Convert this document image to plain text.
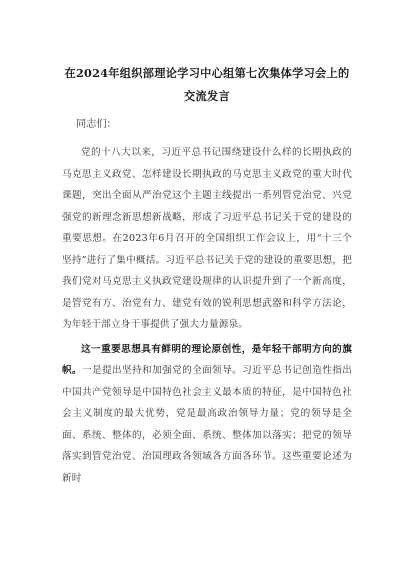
在2024年组织部理论学习中心组第七次集体学习会上的交流发言
同志们：

党的十八大以来，习近平总书记围绕建设什么样的长期执政的马克思主义政党、怎样建设长期执政的马克思主义政党的重大时代课题，突出全面从严治党这个主题主线提出一系列管党治党、兴党强党的新理念新思想新战略，形成了习近平总书记关于党的建设的重要思想。在2023年6月召开的全国组织工作会议上，用“十三个坚持”进行了集中概括。习近平总书记关于党的建设的重要思想，把我们党对马克思主义执政党建设规律的认识提升到了一个新高度，是管党有方、治党有力、建党有效的锐利思想武器和科学方法论，为年轻干部立身干事提供了强大力量源泉。

这一重要思想具有鲜明的理论原创性，是年轻干部明方向的旗帜。一是提出坚持和加强党的全面领导。习近平总书记创造性指出中国共产党领导是中国特色社会主义最本质的特征，是中国特色社会主义制度的最大优势，党是最高政治领导力量；党的领导是全面、系统、整体的，必须全面、系统、整体加以落实；把党的领导落实到管党治党、治国理政各领域各方面各环节。这些重要论述为新时
